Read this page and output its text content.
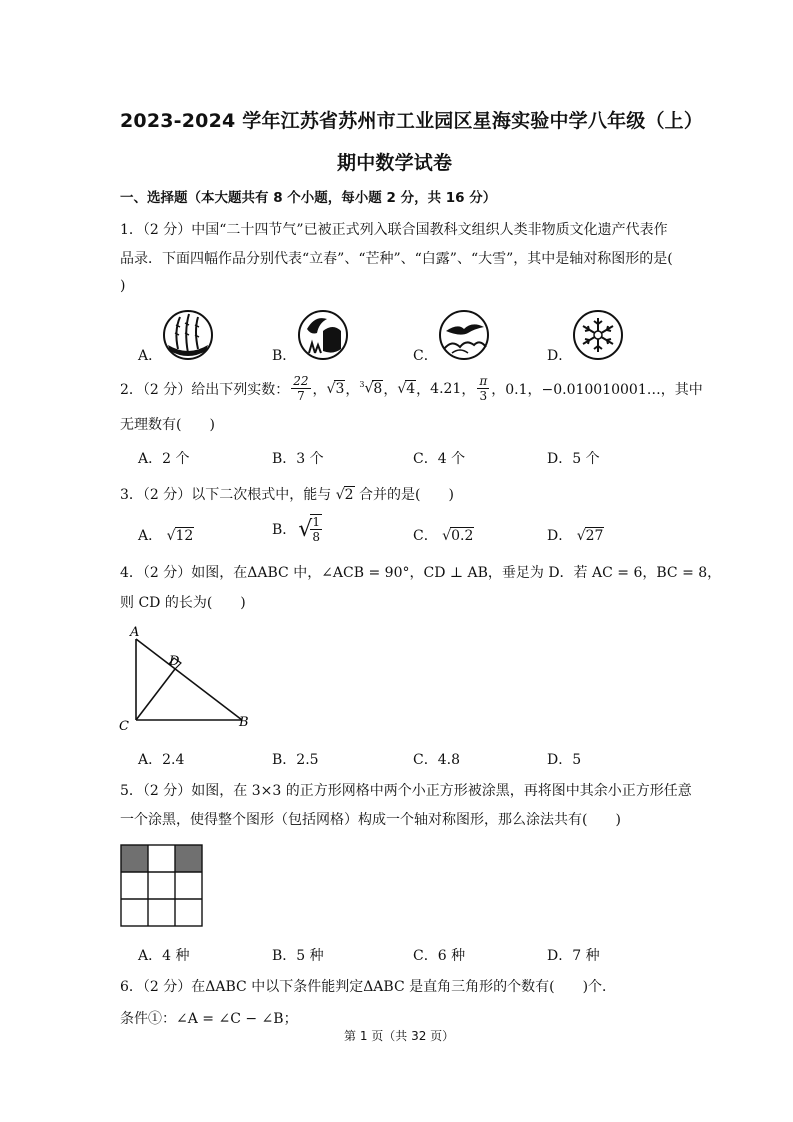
2023-2024 学年江苏省苏州市工业园区星海实验中学八年级（上）
期中数学试卷
一、选择题（本大题共有 8 个小题，每小题 2 分，共 16 分）
1．（2 分）中国“二十四节气”已被正式列入联合国教科文组织人类非物质文化遗产代表作
品录．下面四幅作品分别代表“立春”、“芒种”、“白露”、“大雪”，其中是轴对称图形的是(
)
A．	B．	C．	D．
2．（2 分）给出下列实数： $\frac{22}{7}$ ， √3 ， $^3$√8 ， √4 ， 4.21 ， $\frac{\pi}{3}$ ，0.1，−0.010010001…，其中
无理数有(　　)
A．2 个	B．3 个	C．4 个	D．5 个
3．（2 分）以下二次根式中，能与 √2 合并的是(　　)
A． √12	B． √
$\frac{1}{8}$	C． √0.2	D． √27
4．（2 分）如图，在ΔABC 中，∠ACB = 90°，CD ⊥ AB，垂足为 D．若 AC = 6，BC = 8，
则 CD 的长为(　　)
A
D
C	B
A．2.4	B．2.5	C．4.8	D．5
5．（2 分）如图，在 3×3 的正方形网格中两个小正方形被涂黑，再将图中其余小正方形任意
一个涂黑，使得整个图形（包括网格）构成一个轴对称图形，那么涂法共有(　　)
A．4 种	B．5 种	C．6 种	D．7 种
6．（2 分）在ΔABC 中以下条件能判定ΔABC 是直角三角形的个数有(　　)个．
条件①：∠A = ∠C − ∠B；
第 1 页（共 32 页）
